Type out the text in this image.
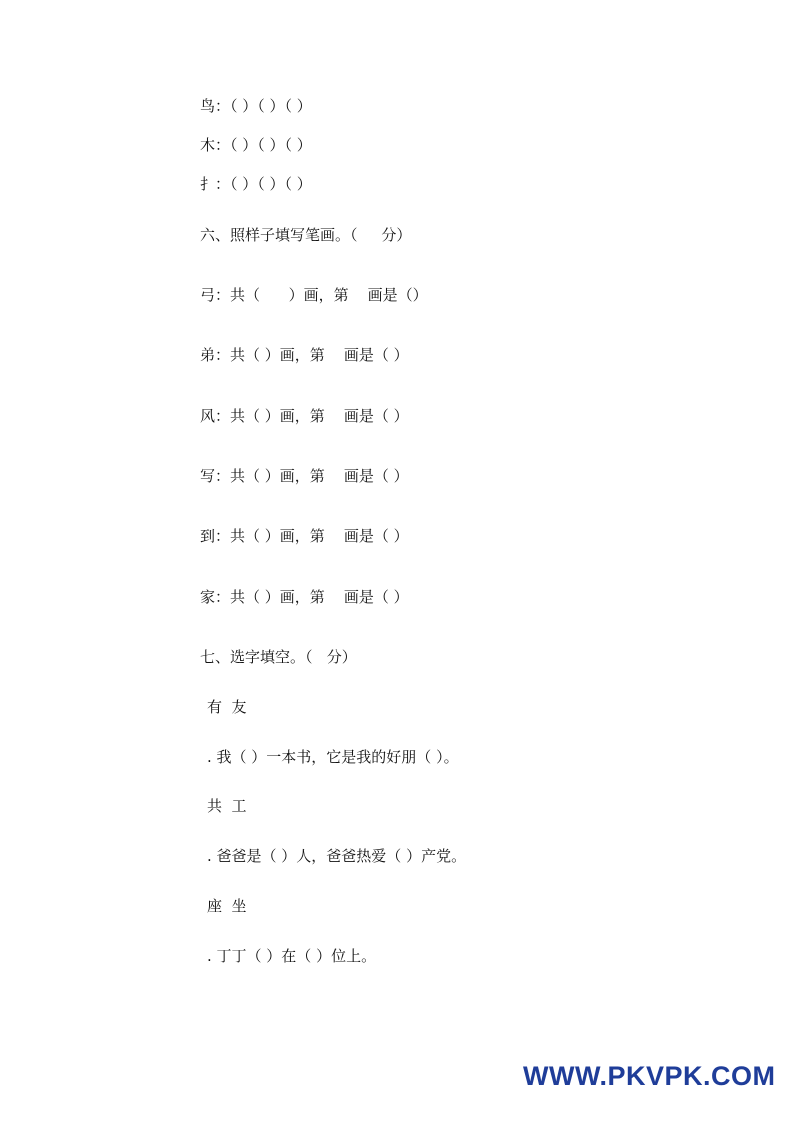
鸟：（ ）（ ）（ ）
木：（ ）（ ）（ ）
扌：（ ）（ ）（ ）
六、照样子填写笔画。（     分）
弓：共（      ）画，第    画是（）
弟：共（ ）画，第    画是（ ）
风：共（ ）画，第    画是（ ）
写：共（ ）画，第    画是（ ）
到：共（ ）画，第    画是（ ）
家：共（ ）画，第    画是（ ）
七、选字填空。（   分）
有  友
. 我（ ）一本书，它是我的好朋（ ）。
共  工
. 爸爸是（ ）人，爸爸热爱（ ）产党。
座  坐
. 丁丁（ ）在（ ）位上。
WWW.PKVPK.COM
